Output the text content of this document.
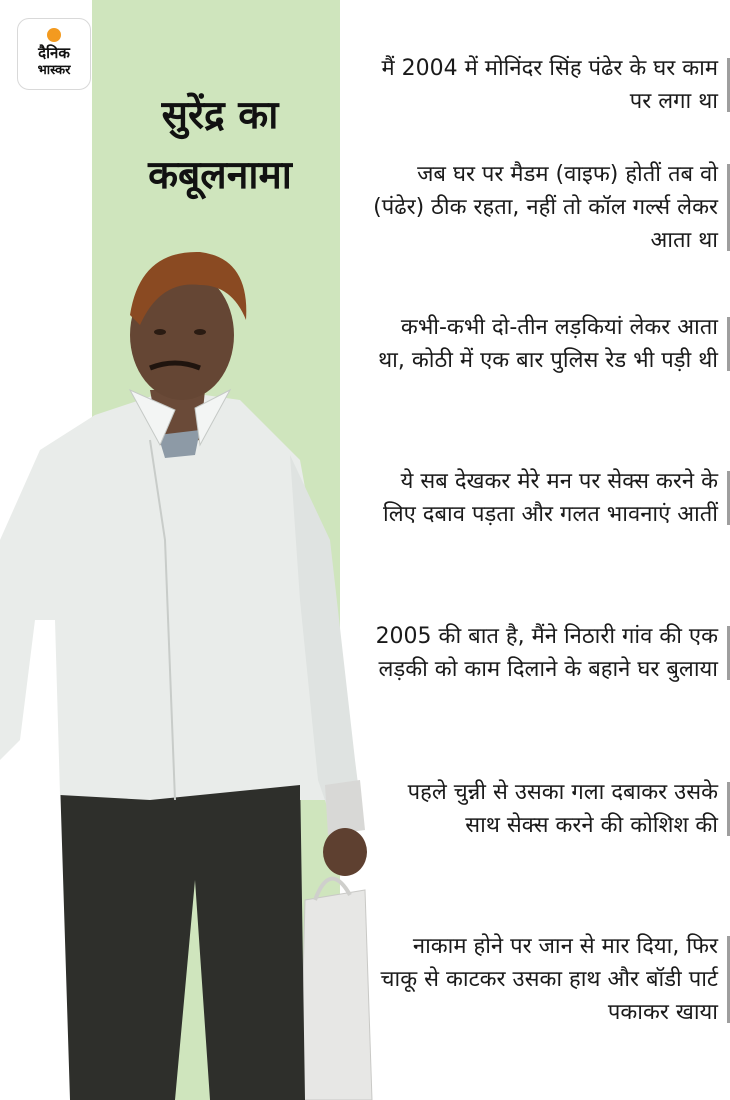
दैनिक
भास्कर
सुरेंद्र का
कबूलनामा
मैं 2004 में मोनिंदर सिंह पंढेर के घर काम पर लगा था
जब घर पर मैडम (वाइफ) होतीं तब वो (पंढेर) ठीक रहता, नहीं तो कॉल गर्ल्स लेकर आता था
कभी-कभी दो-तीन लड़कियां लेकर आता था, कोठी में एक बार पुलिस रेड भी पड़ी थी
ये सब देखकर मेरे मन पर सेक्स करने के लिए दबाव पड़ता और गलत भावनाएं आतीं
2005 की बात है, मैंने निठारी गांव की एक लड़की को काम दिलाने के बहाने घर बुलाया
पहले चुन्नी से उसका गला दबाकर उसके साथ सेक्स करने की कोशिश की
नाकाम होने पर जान से मार दिया, फिर चाकू से काटकर उसका हाथ और बॉडी पार्ट पकाकर खाया
